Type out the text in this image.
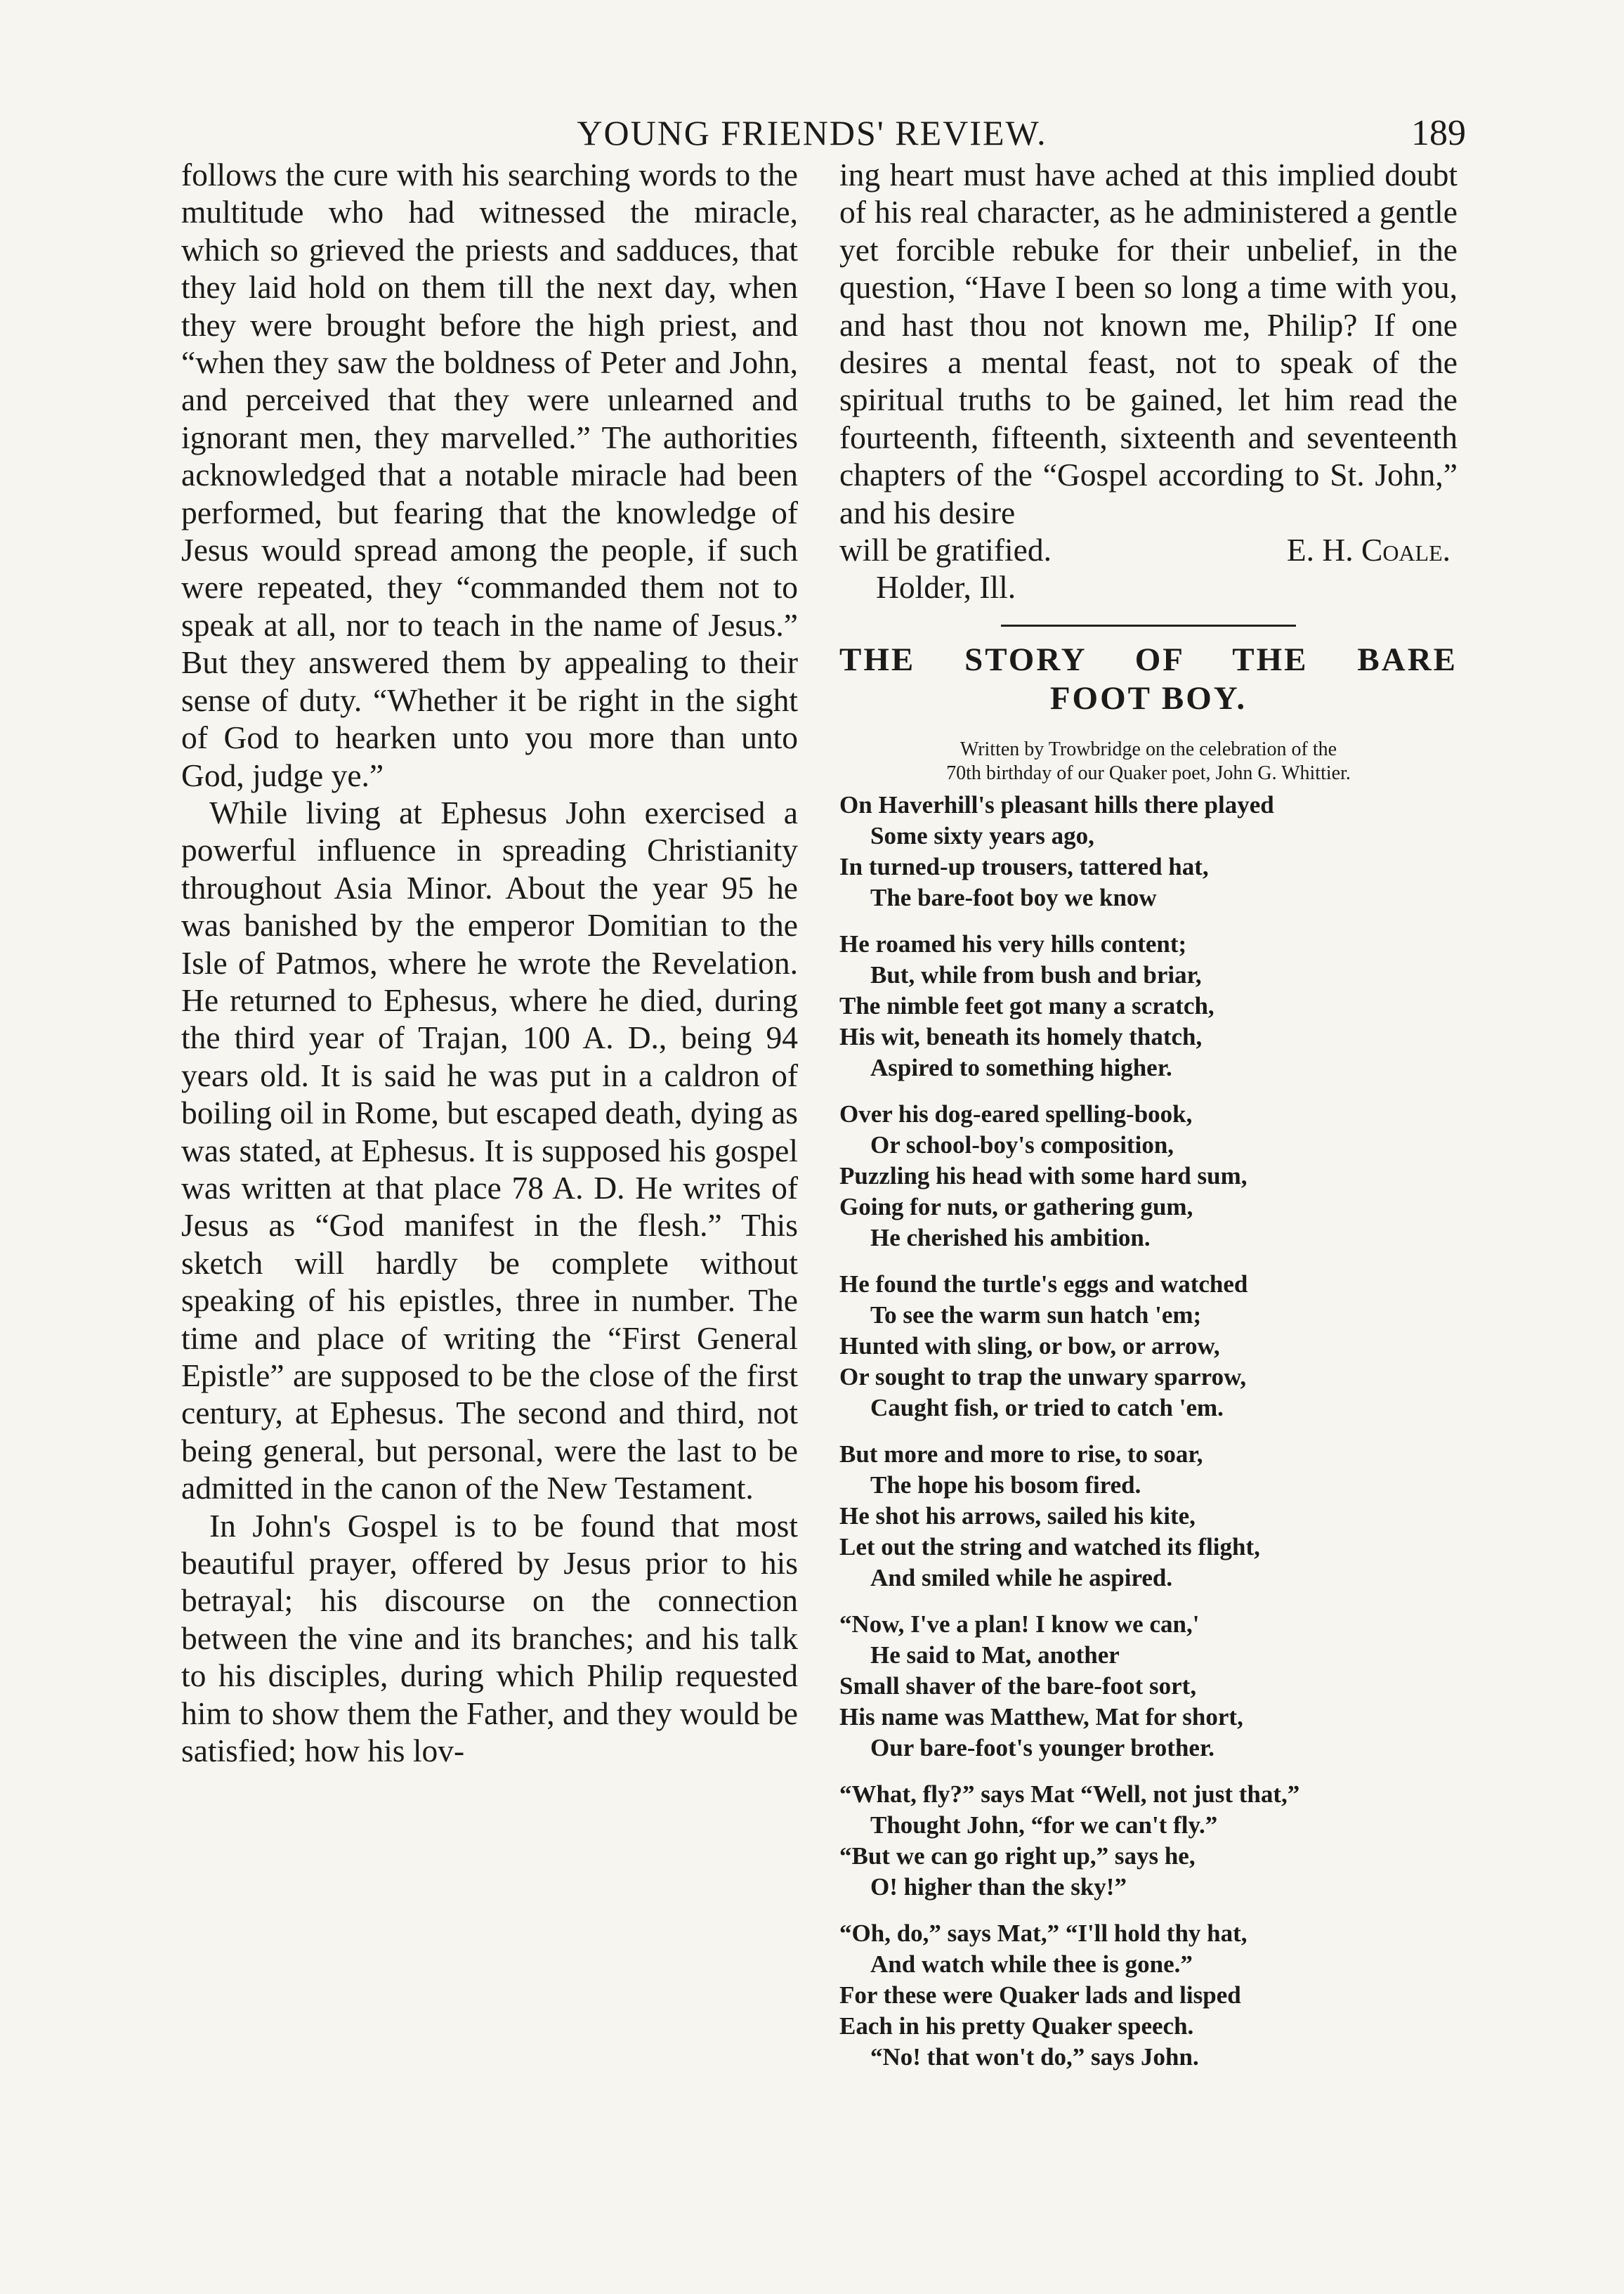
YOUNG FRIENDS' REVIEW.	189

follows the cure with his searching words to the multitude who had witnessed the miracle, which so grieved the priests and sadduces, that they laid hold on them till the next day, when they were brought before the high priest, and “when they saw the boldness of Peter and John, and perceived that they were unlearned and ignorant men, they marvelled.” The authorities acknowledged that a notable miracle had been performed, but fearing that the knowledge of Jesus would spread among the people, if such were repeated, they “commanded them not to speak at all, nor to teach in the name of Jesus.” But they answered them by appealing to their sense of duty. “Whether it be right in the sight of God to hearken unto you more than unto God, judge ye.”

While living at Ephesus John exercised a powerful influence in spreading Christianity throughout Asia Minor. About the year 95 he was banished by the emperor Domitian to the Isle of Patmos, where he wrote the Revelation. He returned to Ephesus, where he died, during the third year of Trajan, 100 A. D., being 94 years old. It is said he was put in a caldron of boiling oil in Rome, but escaped death, dying as was stated, at Ephesus. It is supposed his gospel was written at that place 78 A. D. He writes of Jesus as “God manifest in the flesh.” This sketch will hardly be complete without speaking of his epistles, three in number. The time and place of writing the “First General Epistle” are supposed to be the close of the first century, at Ephesus. The second and third, not being general, but personal, were the last to be admitted in the canon of the New Testament.

In John's Gospel is to be found that most beautiful prayer, offered by Jesus prior to his betrayal; his discourse on the connection between the vine and its branches; and his talk to his disciples, during which Philip requested him to show them the Father, and they would be satisfied; how his lov-

ing heart must have ached at this implied doubt of his real character, as he administered a gentle yet forcible rebuke for their unbelief, in the question, “Have I been so long a time with you, and hast thou not known me, Philip? If one desires a mental feast, not to speak of the spiritual truths to be gained, let him read the fourteenth, fifteenth, sixteenth and seventeenth chapters of the “Gospel according to St. John,” and his desire

will be gratified.	E. H. Coale.

Holder, Ill.

THE STORY OF THE BARE
FOOT BOY.
Written by Trowbridge on the celebration of the
70th birthday of our Quaker poet, John G. Whittier.
On Haverhill's pleasant hills there played
Some sixty years ago,
In turned-up trousers, tattered hat,
The bare-foot boy we know
He roamed his very hills content;
But, while from bush and briar,
The nimble feet got many a scratch,
His wit, beneath its homely thatch,
Aspired to something higher.
Over his dog-eared spelling-book,
Or school-boy's composition,
Puzzling his head with some hard sum,
Going for nuts, or gathering gum,
He cherished his ambition.
He found the turtle's eggs and watched
To see the warm sun hatch 'em;
Hunted with sling, or bow, or arrow,
Or sought to trap the unwary sparrow,
Caught fish, or tried to catch 'em.
But more and more to rise, to soar,
The hope his bosom fired.
He shot his arrows, sailed his kite,
Let out the string and watched its flight,
And smiled while he aspired.
“Now, I've a plan! I know we can,'
He said to Mat, another
Small shaver of the bare-foot sort,
His name was Matthew, Mat for short,
Our bare-foot's younger brother.
“What, fly?” says Mat “Well, not just that,”
Thought John, “for we can't fly.”
“But we can go right up,” says he,
O! higher than the sky!”
“Oh, do,” says Mat,” “I'll hold thy hat,
And watch while thee is gone.”
For these were Quaker lads and lisped
Each in his pretty Quaker speech.
“No! that won't do,” says John.
